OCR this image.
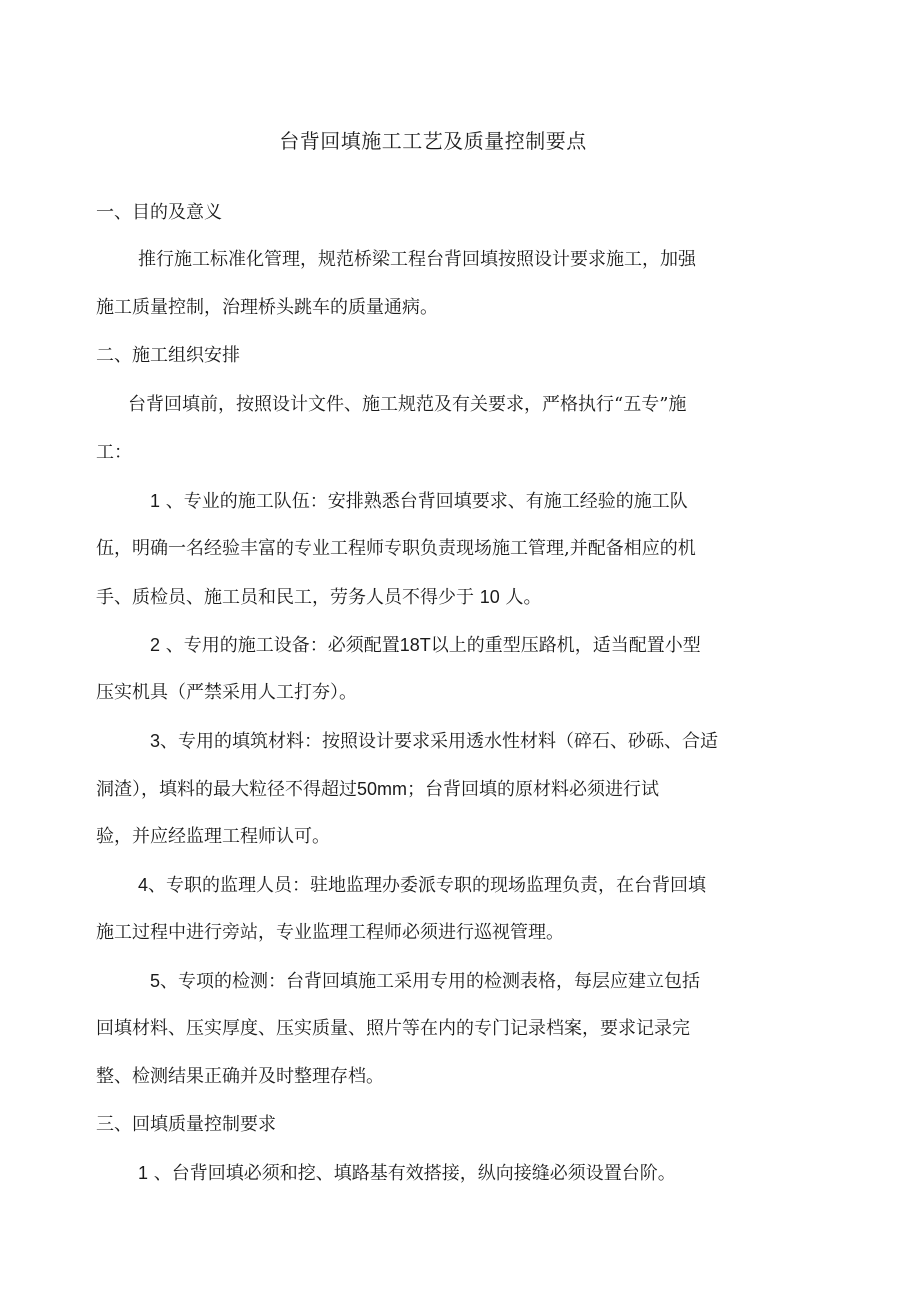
台背回填施工工艺及质量控制要点
一、目的及意义
推行施工标准化管理，规范桥梁工程台背回填按照设计要求施工，加强
施工质量控制，治理桥头跳车的质量通病。
二、施工组织安排
台背回填前，按照设计文件、施工规范及有关要求，严格执行“五专”施
工：
1 、专业的施工队伍：安排熟悉台背回填要求、有施工经验的施工队
伍，明确一名经验丰富的专业工程师专职负责现场施工管理,并配备相应的机
手、质检员、施工员和民工，劳务人员不得少于 10 人。
2 、专用的施工设备：必须配置18T以上的重型压路机，适当配置小型
压实机具（严禁采用人工打夯）。
3、专用的填筑材料：按照设计要求采用透水性材料（碎石、砂砾、合适
洞渣），填料的最大粒径不得超过50mm；台背回填的原材料必须进行试
验，并应经监理工程师认可。
4、专职的监理人员：驻地监理办委派专职的现场监理负责，在台背回填
施工过程中进行旁站，专业监理工程师必须进行巡视管理。
5、专项的检测：台背回填施工采用专用的检测表格，每层应建立包括
回填材料、压实厚度、压实质量、照片等在内的专门记录档案，要求记录完
整、检测结果正确并及时整理存档。
三、回填质量控制要求
1 、台背回填必须和挖、填路基有效搭接，纵向接缝必须设置台阶。
